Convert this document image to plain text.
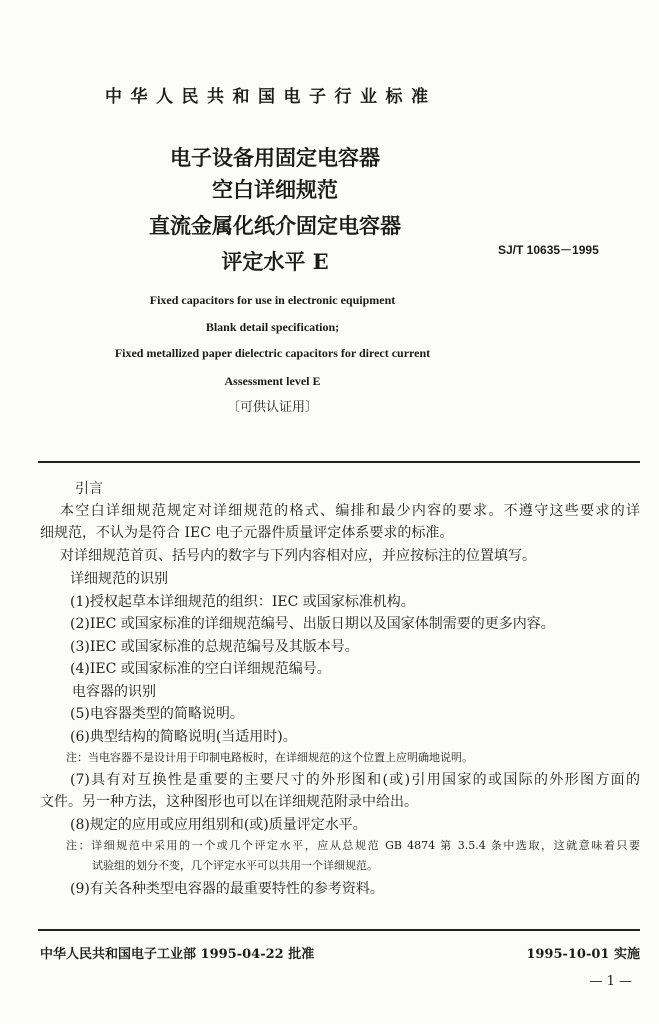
中华人民共和国电子行业标准
电子设备用固定电容器
空白详细规范
直流金属化纸介固定电容器
评定水平 E	SJ/T 10635－1995
Fixed capacitors for use in electronic equipment
Blank detail specification;
Fixed metallized paper dielectric capacitors for direct current
Assessment level E
〔可供认证用〕
引言
本空白详细规范规定对详细规范的格式、编排和最少内容的要求。不遵守这些要求的详
细规范，不认为是符合 IEC 电子元器件质量评定体系要求的标准。
对详细规范首页、括号内的数字与下列内容相对应，并应按标注的位置填写。
详细规范的识别
(1)授权起草本详细规范的组织：IEC 或国家标准机构。
(2)IEC 或国家标准的详细规范编号、出版日期以及国家体制需要的更多内容。
(3)IEC 或国家标准的总规范编号及其版本号。
(4)IEC 或国家标准的空白详细规范编号。
电容器的识别
(5)电容器类型的简略说明。
(6)典型结构的简略说明(当适用时)。
注：当电容器不是设计用于印制电路板时，在详细规范的这个位置上应明确地说明。
(7)具有对互换性是重要的主要尺寸的外形图和(或)引用国家的或国际的外形图方面的
文件。另一种方法，这种图形也可以在详细规范附录中给出。
(8)规定的应用或应用组别和(或)质量评定水平。
注：详细规范中采用的一个或几个评定水平，应从总规范 GB 4874 第 3.5.4 条中选取，这就意味着只要
试验组的划分不变，几个评定水平可以共用一个详细规范。
(9)有关各种类型电容器的最重要特性的参考资料。
中华人民共和国电子工业部 1995-04-22 批准	1995-10-01 实施
— 1 —
